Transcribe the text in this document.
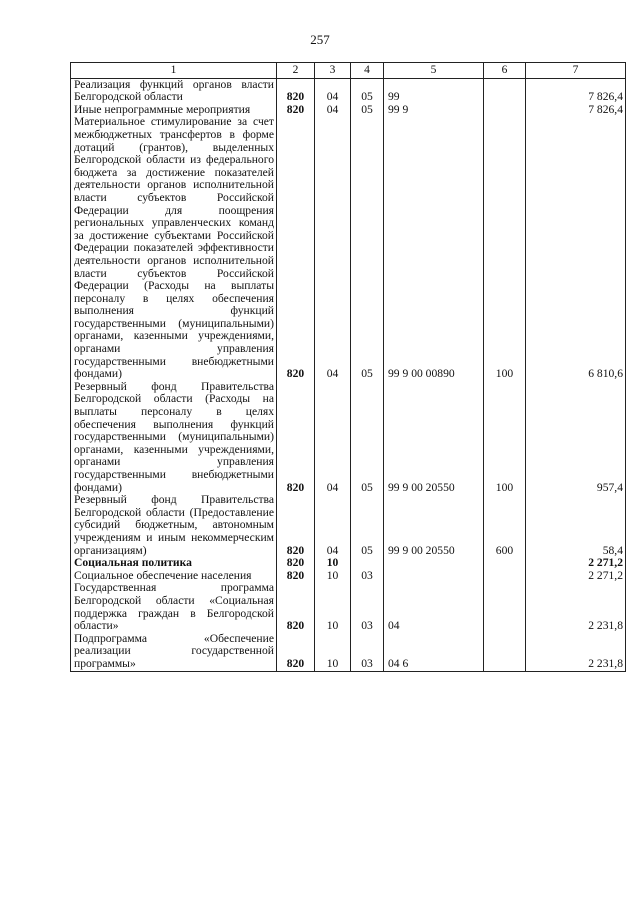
257
1	2	3	4	5	6	7
Реализация функций органов власти Белгородской области	820	04	05	99		7 826,4
Иные непрограммные мероприятия	820	04	05	99 9		7 826,4
Материальное стимулирование за счет межбюджетных трансфертов в форме дотаций (грантов), выделенных Белгородской области из федерального бюджета за достижение показателей деятельности органов исполнительной власти субъектов Российской Федерации для поощрения региональных управленческих команд за достижение субъектами Российской Федерации показателей эффективности деятельности органов исполнительной власти субъектов Российской Федерации (Расходы на выплаты персоналу в целях обеспечения выполнения функций государственными (муниципальными) органами, казенными учреждениями, органами управления государственными внебюджетными фондами)	820	04	05	99 9 00 00890	100	6 810,6
Резервный фонд Правительства Белгородской области (Расходы на выплаты персоналу в целях обеспечения выполнения функций государственными (муниципальными) органами, казенными учреждениями, органами управления государственными внебюджетными фондами)	820	04	05	99 9 00 20550	100	957,4
Резервный фонд Правительства Белгородской области (Предоставление субсидий бюджетным, автономным учреждениям и иным некоммерческим организациям)	820	04	05	99 9 00 20550	600	58,4
Социальная политика	820	10				2 271,2
Социальное обеспечение населения	820	10	03			2 271,2
Государственная программа Белгородской области «Социальная поддержка граждан в Белгородской области»	820	10	03	04		2 231,8
Подпрограмма «Обеспечение реализации государственной программы»	820	10	03	04 6		2 231,8
